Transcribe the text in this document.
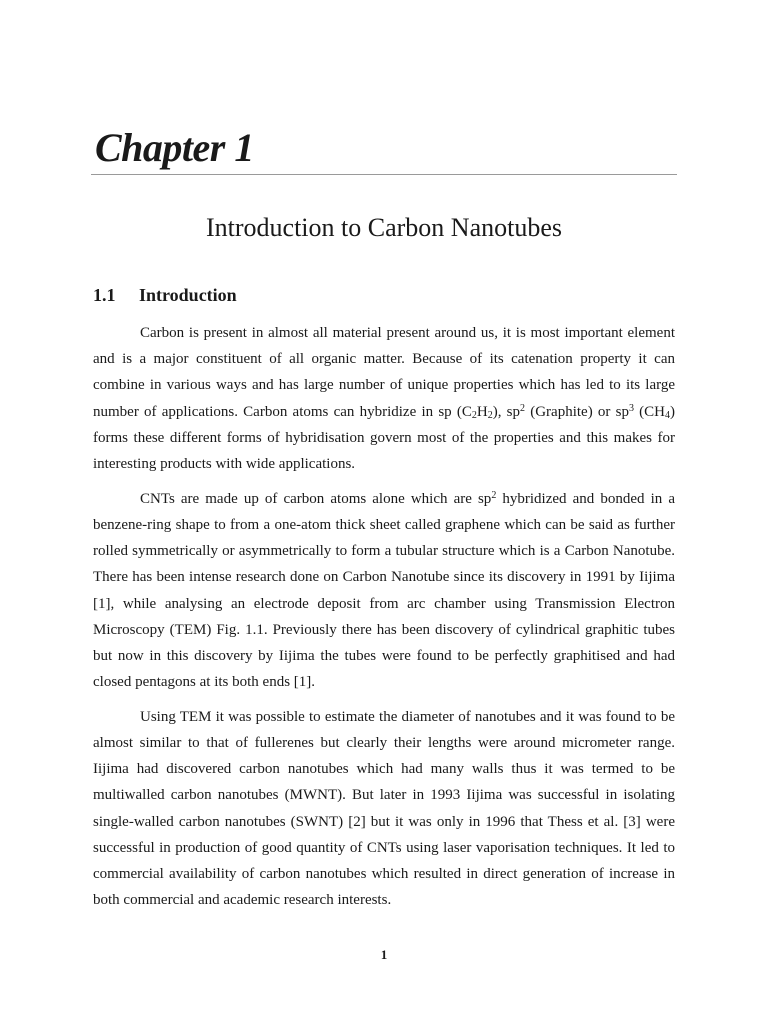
Chapter 1
Introduction to Carbon Nanotubes
1.1 Introduction

Carbon is present in almost all material present around us, it is most important element and is a major constituent of all organic matter. Because of its catenation property it can combine in various ways and has large number of unique properties which has led to its large number of applications. Carbon atoms can hybridize in sp $(C_2H_2)$, $sp^2$ (Graphite) or $sp^3$ $(CH_4)$ forms these different forms of hybridisation govern most of the properties and this makes for interesting products with wide applications.

CNTs are made up of carbon atoms alone which are $sp^2$ hybridized and bonded in a benzene-ring shape to from a one-atom thick sheet called graphene which can be said as further rolled symmetrically or asymmetrically to form a tubular structure which is a Carbon Nanotube. There has been intense research done on Carbon Nanotube since its discovery in 1991 by Iijima [1], while analysing an electrode deposit from arc chamber using Transmission Electron Microscopy (TEM) Fig. 1.1. Previously there has been discovery of cylindrical graphitic tubes but now in this discovery by Iijima the tubes were found to be perfectly graphitised and had closed pentagons at its both ends [1].

Using TEM it was possible to estimate the diameter of nanotubes and it was found to be almost similar to that of fullerenes but clearly their lengths were around micrometer range. Iijima had discovered carbon nanotubes which had many walls thus it was termed to be multiwalled carbon nanotubes (MWNT). But later in 1993 Iijima was successful in isolating single-walled carbon nanotubes (SWNT) [2] but it was only in 1996 that Thess et al. [3] were successful in production of good quantity of CNTs using laser vaporisation techniques. It led to commercial availability of carbon nanotubes which resulted in direct generation of increase in both commercial and academic research interests.

1
